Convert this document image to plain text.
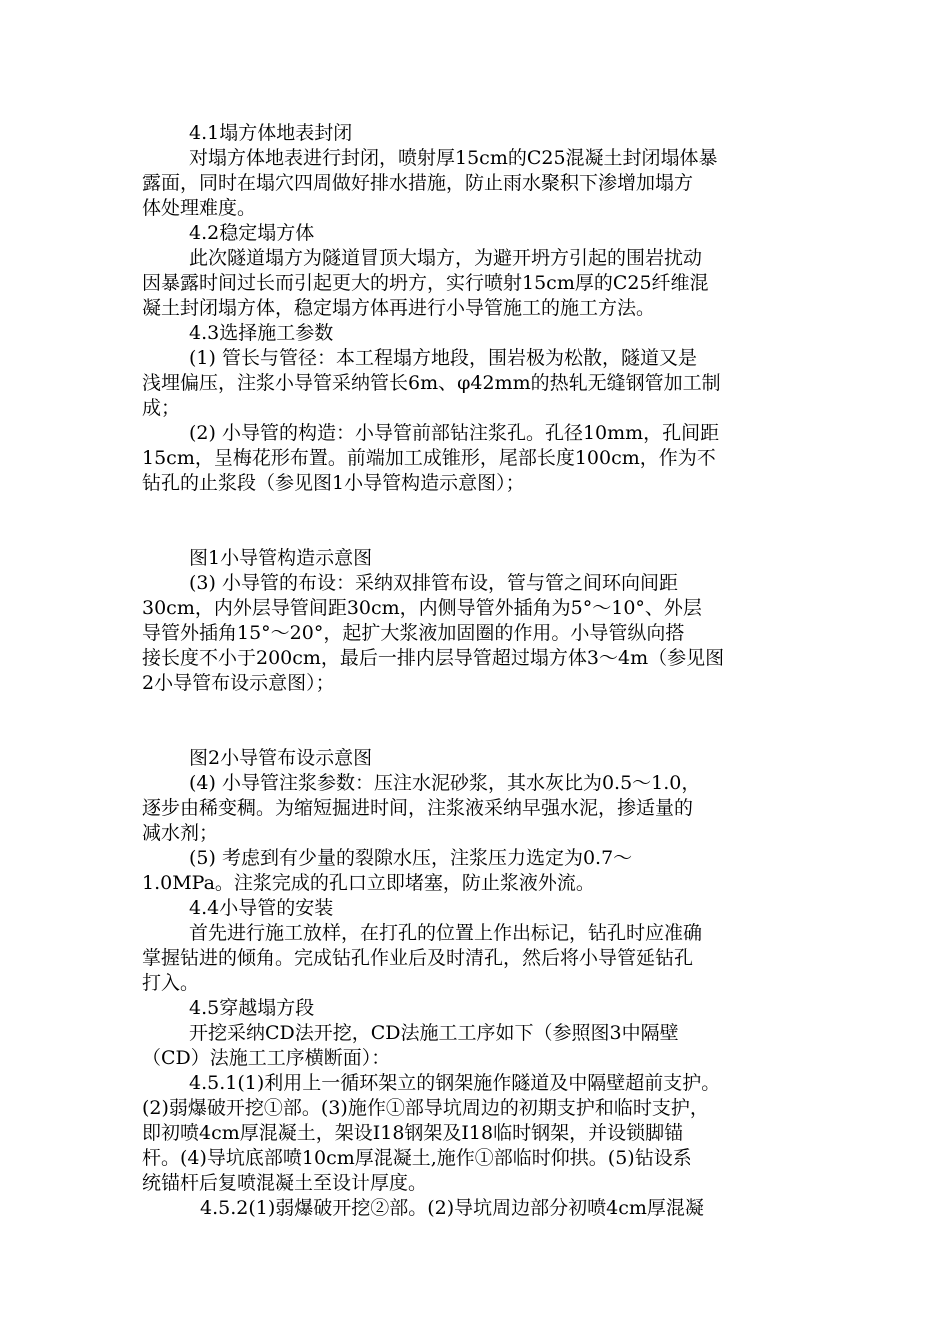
4.1塌方体地表封闭
对塌方体地表进行封闭，喷射厚15cm的C25混凝土封闭塌体暴
露面，同时在塌穴四周做好排水措施，防止雨水聚积下渗增加塌方
体处理难度。
4.2稳定塌方体
此次隧道塌方为隧道冒顶大塌方，为避开坍方引起的围岩扰动
因暴露时间过长而引起更大的坍方，实行喷射15cm厚的C25纤维混
凝土封闭塌方体，稳定塌方体再进行小导管施工的施工方法。
4.3选择施工参数
(1) 管长与管径：本工程塌方地段，围岩极为松散，隧道又是
浅埋偏压，注浆小导管采纳管长6m、φ42mm的热轧无缝钢管加工制
成；
(2) 小导管的构造：小导管前部钻注浆孔。孔径10mm，孔间距
15cm，呈梅花形布置。前端加工成锥形，尾部长度100cm，作为不
钻孔的止浆段（参见图1小导管构造示意图）；
图1小导管构造示意图
(3) 小导管的布设：采纳双排管布设，管与管之间环向间距
30cm，内外层导管间距30cm，内侧导管外插角为5°～10°、外层
导管外插角15°～20°，起扩大浆液加固圈的作用。小导管纵向搭
接长度不小于200cm，最后一排内层导管超过塌方体3～4m（参见图
2小导管布设示意图）；
图2小导管布设示意图
(4) 小导管注浆参数：压注水泥砂浆，其水灰比为0.5～1.0，
逐步由稀变稠。为缩短掘进时间，注浆液采纳早强水泥，掺适量的
减水剂；
(5) 考虑到有少量的裂隙水压，注浆压力选定为0.7～
1.0MPa。注浆完成的孔口立即堵塞，防止浆液外流。
4.4小导管的安装
首先进行施工放样，在打孔的位置上作出标记，钻孔时应准确
掌握钻进的倾角。完成钻孔作业后及时清孔，然后将小导管延钻孔
打入。
4.5穿越塌方段
开挖采纳CD法开挖，CD法施工工序如下（参照图3中隔壁
（CD）法施工工序横断面）：
4.5.1(1)利用上一循环架立的钢架施作隧道及中隔壁超前支护。
(2)弱爆破开挖①部。(3)施作①部导坑周边的初期支护和临时支护，
即初喷4cm厚混凝土，架设I18钢架及I18临时钢架，并设锁脚锚
杆。(4)导坑底部喷10cm厚混凝土,施作①部临时仰拱。(5)钻设系
统锚杆后复喷混凝土至设计厚度。
4.5.2(1)弱爆破开挖②部。(2)导坑周边部分初喷4cm厚混凝
